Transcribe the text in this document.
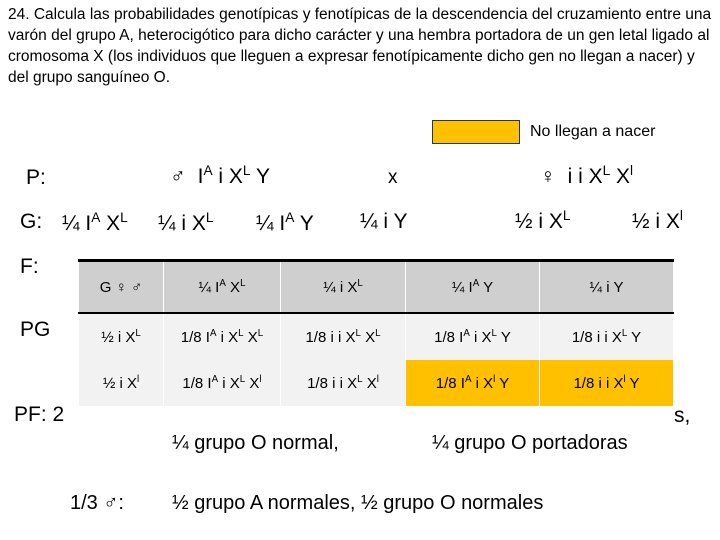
24. Calcula las probabilidades genotípicas y fenotípicas de la descendencia del cruzamiento entre una varón del grupo A, heterocigótico para dicho carácter y una hembra portadora de un gen letal ligado al cromosoma X (los individuos que lleguen a expresar fenotípicamente dicho gen no llegan a nacer) y del grupo sanguíneo O.
No llegan a nacer
P:	♂ $I^A$ i $X^L$ Y	x	♀ i i $X^L$ $X^l$
G: ¼ $I^A$ $X^L$ ¼ i $X^L$ ¼ $I^A$ Y ¼ i Y	½ i $X^L$	½ i $X^l$
F:
PG
PF: 2
G ♀ ♂	¼ $I^A$ $X^L$	¼ i $X^L$	¼ $I^A$ Y	¼ i Y
½ i $X^L$	1/8 $I^A$ i $X^L$ $X^L$	1/8 i i $X^L$ $X^L$	1/8 $I^A$ i $X^L$ Y	1/8 i i $X^L$ Y
½ i $X^l$	1/8 $I^A$ i $X^L$ $X^l$	1/8 i i $X^L$ $X^l$	1/8 $I^A$ i $X^l$ Y	1/8 i i $X^l$ Y
s,
¼ grupo O normal,	¼ grupo O portadoras
1/3 ♂: ½ grupo A normales, ½ grupo O normales
